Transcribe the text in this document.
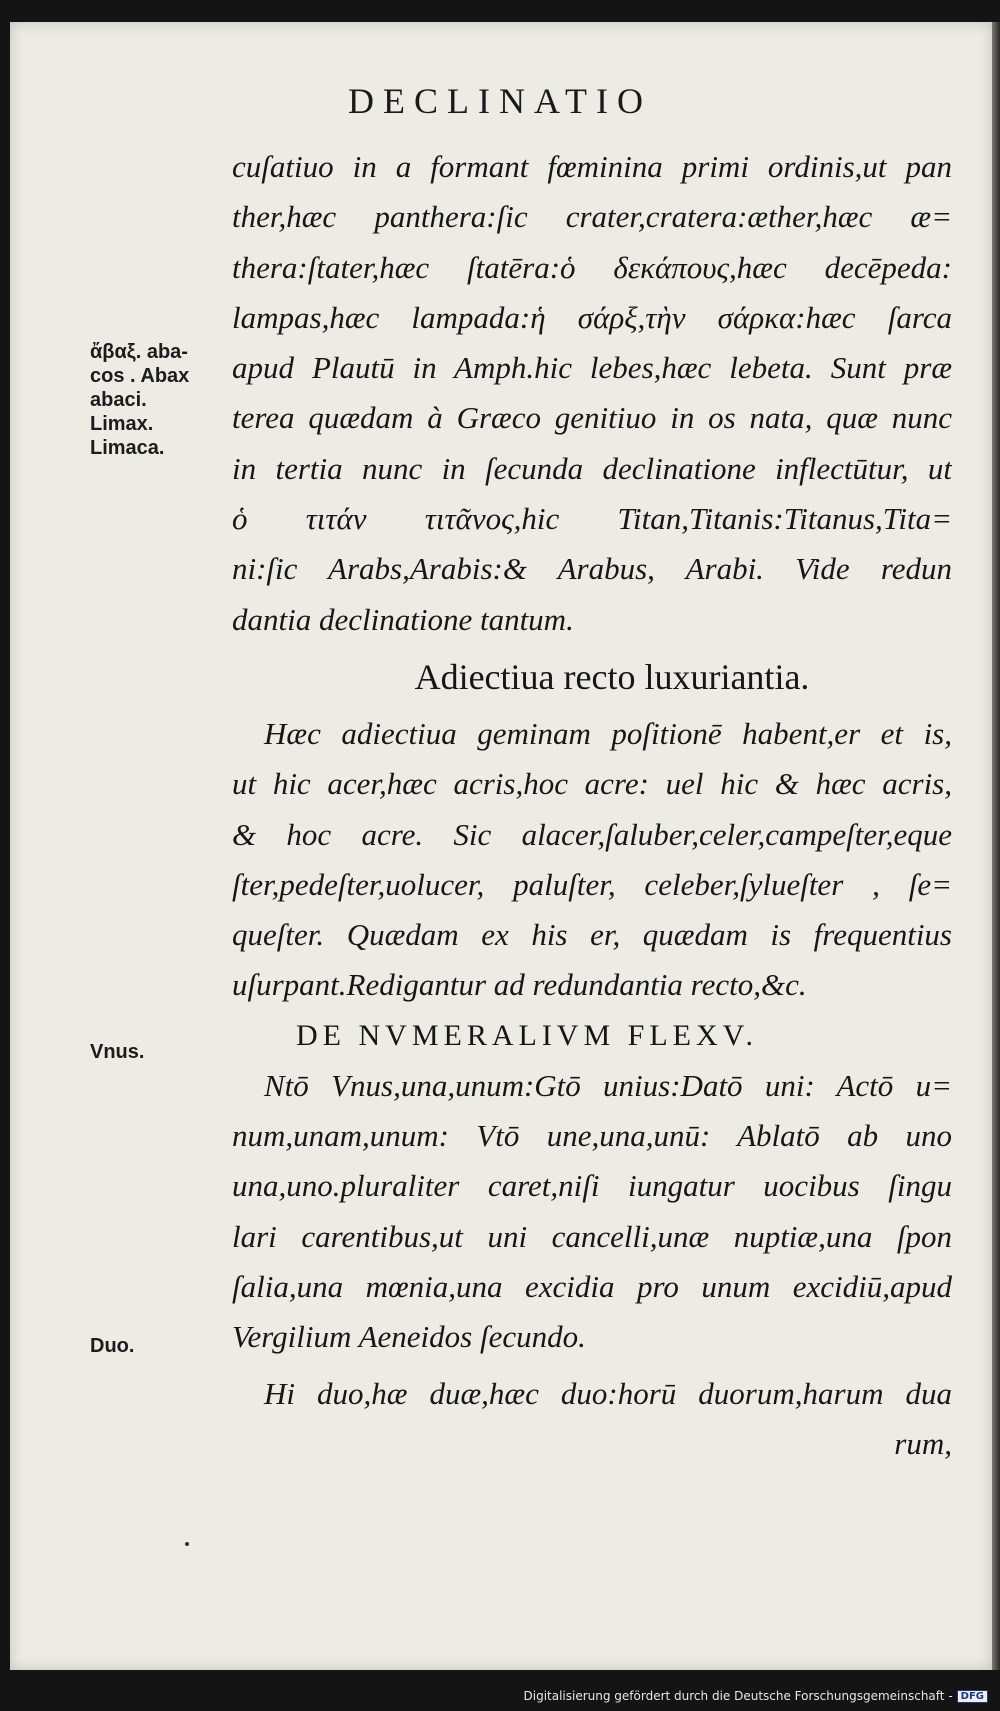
DECLINATIO
cuſatiuo in a formant fœminina primi ordinis,ut pan
ther,hæc panthera:ſic crater,cratera:æther,hæc æ=
thera:ſtater,hæc ſtatēra:ὁ δεκάπους,hæc decēpeda:
lampas,hæc lampada:ἡ σάρξ,τὴν σάρκα:hæc ſarca
apud Plautū in Amph.hic lebes,hæc lebeta. Sunt præ
terea quædam à Græco genitiuo in os nata, quæ nunc
in tertia nunc in ſecunda declinatione inflectūtur, ut
ὁ τιτάν τιτᾶνος,hic Titan,Titanis:Titanus,Tita=
ni:ſic Arabs,Arabis:& Arabus, Arabi. Vide redun
dantia declinatione tantum.
Adiectiua recto luxuriantia.
Hæc adiectiua geminam poſitionē habent,er et is,
ut hic acer,hæc acris,hoc acre: uel hic & hæc acris,
& hoc acre. Sic alacer,ſaluber,celer,campeſter,eque
ſter,pedeſter,uolucer, paluſter, celeber,ſylueſter , ſe=
queſter. Quædam ex his er, quædam is frequentius
uſurpant.Redigantur ad redundantia recto,&c.
DE NVMERALIVM FLEXV.
Ntō Vnus,una,unum:Gtō unius:Datō uni: Actō u=
num,unam,unum: Vtō une,una,unū: Ablatō ab uno
una,uno.pluraliter caret,niſi iungatur uocibus ſingu
lari carentibus,ut uni cancelli,unæ nuptiæ,una ſpon
ſalia,una mœnia,una excidia pro unum excidiū,apud
Vergilium Aeneidos ſecundo.
Hi duo,hæ duæ,hæc duo:horū duorum,harum dua
rum,
ἄβαξ. aba-
cos . Abax
abaci.
Limax.
Limaca.
Vnus.
Duo.
Digitalisierung gefördert durch die Deutsche Forschungsgemeinschaft - DFG
